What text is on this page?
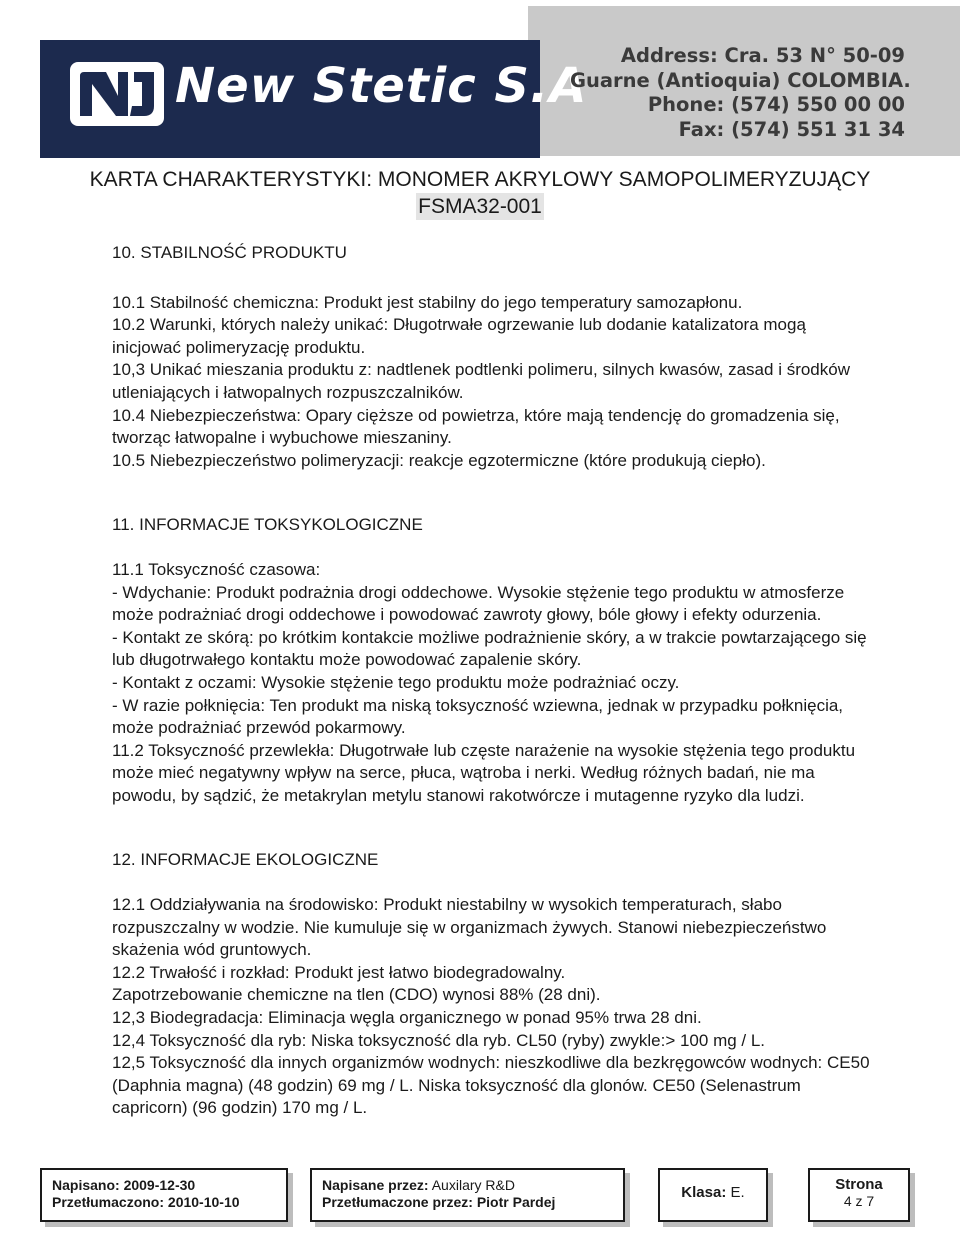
New Stetic S.A
Address: Cra. 53 N° 50-09
Guarne (Antioquia) COLOMBIA.
Phone: (574) 550 00 00
Fax: (574) 551 31 34
KARTA CHARAKTERYSTYKI: MONOMER AKRYLOWY SAMOPOLIMERYZUJĄCY
FSMA32-001

10. STABILNOŚĆ PRODUKTU

10.1 Stabilność chemiczna: Produkt jest stabilny do jego temperatury samozapłonu.

10.2 Warunki, których należy unikać: Długotrwałe ogrzewanie lub dodanie katalizatora mogą inicjować polimeryzację produktu.

10,3 Unikać mieszania produktu z: nadtlenek podtlenki polimeru, silnych kwasów, zasad i środków utleniających i łatwopalnych rozpuszczalników.

10.4 Niebezpieczeństwa: Opary cięższe od powietrza, które mają tendencję do gromadzenia się, tworząc łatwopalne i wybuchowe mieszaniny.

10.5 Niebezpieczeństwo polimeryzacji: reakcje egzotermiczne (które produkują ciepło).

11. INFORMACJE TOKSYKOLOGICZNE

11.1 Toksyczność czasowa:

- Wdychanie: Produkt podrażnia drogi oddechowe. Wysokie stężenie tego produktu w atmosferze może podrażniać drogi oddechowe i powodować zawroty głowy, bóle głowy i efekty odurzenia.

- Kontakt ze skórą: po krótkim kontakcie możliwe podrażnienie skóry, a w trakcie powtarzającego się lub długotrwałego kontaktu może powodować zapalenie skóry.

- Kontakt z oczami: Wysokie stężenie tego produktu może podrażniać oczy.

- W razie połknięcia: Ten produkt ma niską toksyczność wziewna, jednak w przypadku połknięcia, może podrażniać przewód pokarmowy.

11.2 Toksyczność przewlekła: Długotrwałe lub częste narażenie na wysokie stężenia tego produktu może mieć negatywny wpływ na serce, płuca, wątroba i nerki. Według różnych badań, nie ma powodu, by sądzić, że metakrylan metylu stanowi rakotwórcze i mutagenne ryzyko dla ludzi.

12. INFORMACJE EKOLOGICZNE

12.1 Oddziaływania na środowisko: Produkt niestabilny w wysokich temperaturach, słabo rozpuszczalny w wodzie. Nie kumuluje się w organizmach żywych. Stanowi niebezpieczeństwo skażenia wód gruntowych.

12.2 Trwałość i rozkład: Produkt jest łatwo biodegradowalny.

Zapotrzebowanie chemiczne na tlen (CDO) wynosi 88% (28 dni).

12,3 Biodegradacja: Eliminacja węgla organicznego w ponad 95% trwa 28 dni.

12,4 Toksyczność dla ryb: Niska toksyczność dla ryb. CL50 (ryby) zwykle:> 100 mg / L.

12,5 Toksyczność dla innych organizmów wodnych: nieszkodliwe dla bezkręgowców wodnych: CE50 (Daphnia magna) (48 godzin) 69 mg / L. Niska toksyczność dla glonów. CE50 (Selenastrum capricorn) (96 godzin) 170 mg / L.

Napisano: 2009-12-30
Przetłumaczono: 2010-10-10
Napisane przez: Auxilary R&D
Przetłumaczone przez: Piotr Pardej
Klasa: E.	Strona
4 z 7
